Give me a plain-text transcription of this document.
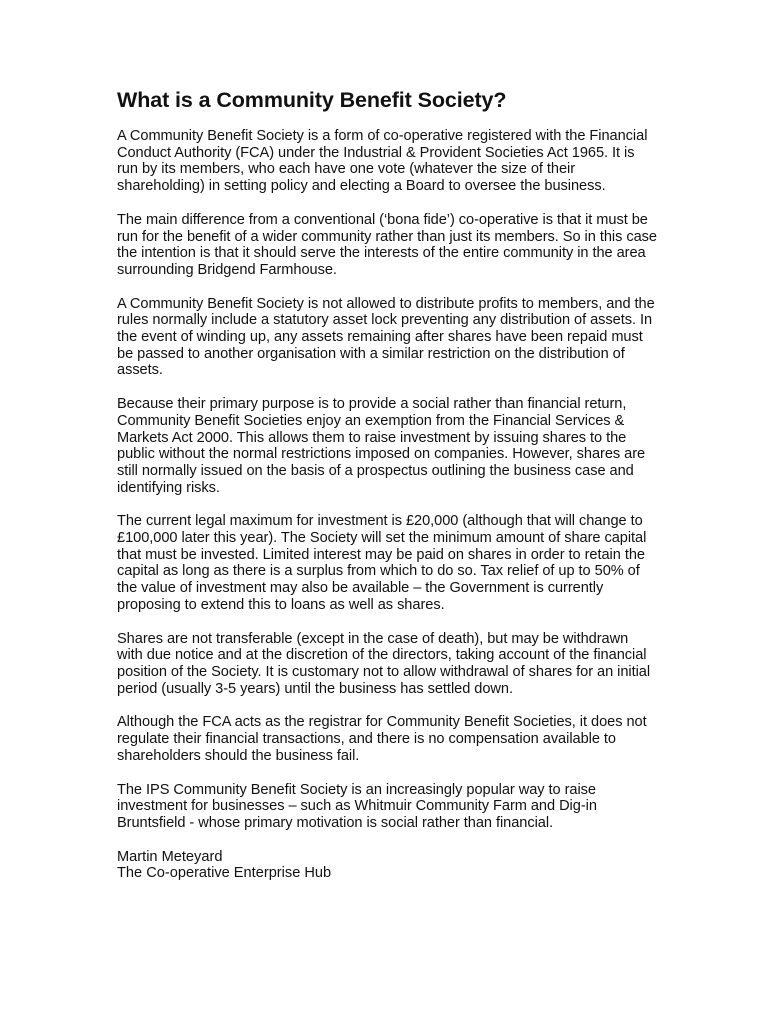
What is a Community Benefit Society?

A Community Benefit Society is a form of co-operative registered with the Financial Conduct Authority (FCA) under the Industrial & Provident Societies Act 1965. It is run by its members, who each have one vote (whatever the size of their shareholding) in setting policy and electing a Board to oversee the business.

The main difference from a conventional (‘bona fide’) co-operative is that it must be run for the benefit of a wider community rather than just its members. So in this case the intention is that it should serve the interests of the entire community in the area surrounding Bridgend Farmhouse.

A Community Benefit Society is not allowed to distribute profits to members, and the rules normally include a statutory asset lock preventing any distribution of assets. In the event of winding up, any assets remaining after shares have been repaid must be passed to another organisation with a similar restriction on the distribution of assets.

Because their primary purpose is to provide a social rather than financial return, Community Benefit Societies enjoy an exemption from the Financial Services & Markets Act 2000. This allows them to raise investment by issuing shares to the public without the normal restrictions imposed on companies. However, shares are still normally issued on the basis of a prospectus outlining the business case and identifying risks.

The current legal maximum for investment is £20,000 (although that will change to £100,000 later this year). The Society will set the minimum amount of share capital that must be invested. Limited interest may be paid on shares in order to retain the capital as long as there is a surplus from which to do so. Tax relief of up to 50% of the value of investment may also be available – the Government is currently proposing to extend this to loans as well as shares.

Shares are not transferable (except in the case of death), but may be withdrawn with due notice and at the discretion of the directors, taking account of the financial position of the Society. It is customary not to allow withdrawal of shares for an initial period (usually 3-5 years) until the business has settled down.

Although the FCA acts as the registrar for Community Benefit Societies, it does not regulate their financial transactions, and there is no compensation available to shareholders should the business fail.

The IPS Community Benefit Society is an increasingly popular way to raise investment for businesses – such as Whitmuir Community Farm and Dig-in Bruntsfield - whose primary motivation is social rather than financial.

Martin Meteyard
The Co-operative Enterprise Hub
